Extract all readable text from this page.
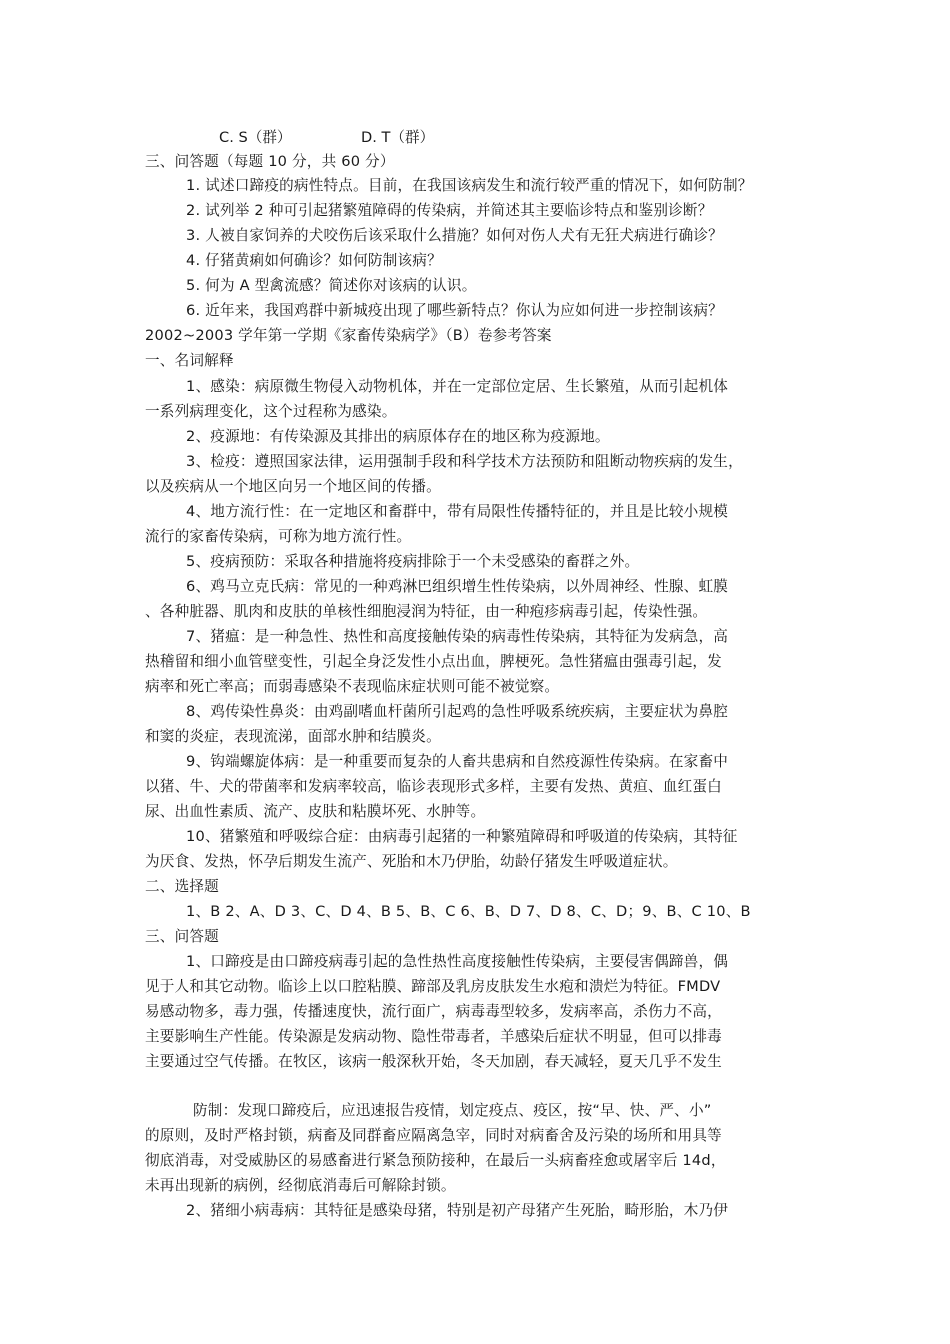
C. S（群）	D. T（群）
三、问答题（每题 10 分，共 60 分）
1. 试述口蹄疫的病性特点。目前，在我国该病发生和流行较严重的情况下，如何防制？
2. 试列举 2 种可引起猪繁殖障碍的传染病，并简述其主要临诊特点和鉴别诊断？
3. 人被自家饲养的犬咬伤后该采取什么措施？如何对伤人犬有无狂犬病进行确诊？
4. 仔猪黄痢如何确诊？如何防制该病？
5. 何为 A 型禽流感？简述你对该病的认识。
6. 近年来，我国鸡群中新城疫出现了哪些新特点？你认为应如何进一步控制该病？
2002~2003 学年第一学期《家畜传染病学》（B）卷参考答案
一、名词解释
1、感染：病原微生物侵入动物机体，并在一定部位定居、生长繁殖，从而引起机体
一系列病理变化，这个过程称为感染。
2、疫源地：有传染源及其排出的病原体存在的地区称为疫源地。
3、检疫：遵照国家法律，运用强制手段和科学技术方法预防和阻断动物疾病的发生，
以及疾病从一个地区向另一个地区间的传播。
4、地方流行性：在一定地区和畜群中，带有局限性传播特征的，并且是比较小规模
流行的家畜传染病，可称为地方流行性。
5、疫病预防：采取各种措施将疫病排除于一个未受感染的畜群之外。
6、鸡马立克氏病：常见的一种鸡淋巴组织增生性传染病，以外周神经、性腺、虹膜
、各种脏器、肌肉和皮肤的单核性细胞浸润为特征，由一种疱疹病毒引起，传染性强。
7、猪瘟：是一种急性、热性和高度接触传染的病毒性传染病，其特征为发病急，高
热稽留和细小血管壁变性，引起全身泛发性小点出血，脾梗死。急性猪瘟由强毒引起，发
病率和死亡率高；而弱毒感染不表现临床症状则可能不被觉察。
8、鸡传染性鼻炎：由鸡副嗜血杆菌所引起鸡的急性呼吸系统疾病，主要症状为鼻腔
和窦的炎症，表现流涕，面部水肿和结膜炎。
9、钩端螺旋体病：是一种重要而复杂的人畜共患病和自然疫源性传染病。在家畜中
以猪、牛、犬的带菌率和发病率较高，临诊表现形式多样，主要有发热、黄疸、血红蛋白
尿、出血性素质、流产、皮肤和粘膜坏死、水肿等。
10、猪繁殖和呼吸综合症：由病毒引起猪的一种繁殖障碍和呼吸道的传染病，其特征
为厌食、发热，怀孕后期发生流产、死胎和木乃伊胎，幼龄仔猪发生呼吸道症状。
二、选择题
1、B 2、A、D 3、C、D 4、B 5、B、C 6、B、D 7、D 8、C、D；9、B、C 10、B
三、问答题
1、口蹄疫是由口蹄疫病毒引起的急性热性高度接触性传染病，主要侵害偶蹄兽，偶
见于人和其它动物。临诊上以口腔粘膜、蹄部及乳房皮肤发生水疱和溃烂为特征。FMDV
易感动物多，毒力强，传播速度快，流行面广，病毒毒型较多，发病率高，杀伤力不高，
主要影响生产性能。传染源是发病动物、隐性带毒者，羊感染后症状不明显，但可以排毒
主要通过空气传播。在牧区，该病一般深秋开始，冬天加剧，春天减轻，夏天几乎不发生
防制：发现口蹄疫后，应迅速报告疫情，划定疫点、疫区，按“早、快、严、小”
的原则，及时严格封锁，病畜及同群畜应隔离急宰，同时对病畜舍及污染的场所和用具等
彻底消毒，对受威胁区的易感畜进行紧急预防接种，在最后一头病畜痊愈或屠宰后 14d，
未再出现新的病例，经彻底消毒后可解除封锁。
2、猪细小病毒病：其特征是感染母猪，特别是初产母猪产生死胎，畸形胎，木乃伊
